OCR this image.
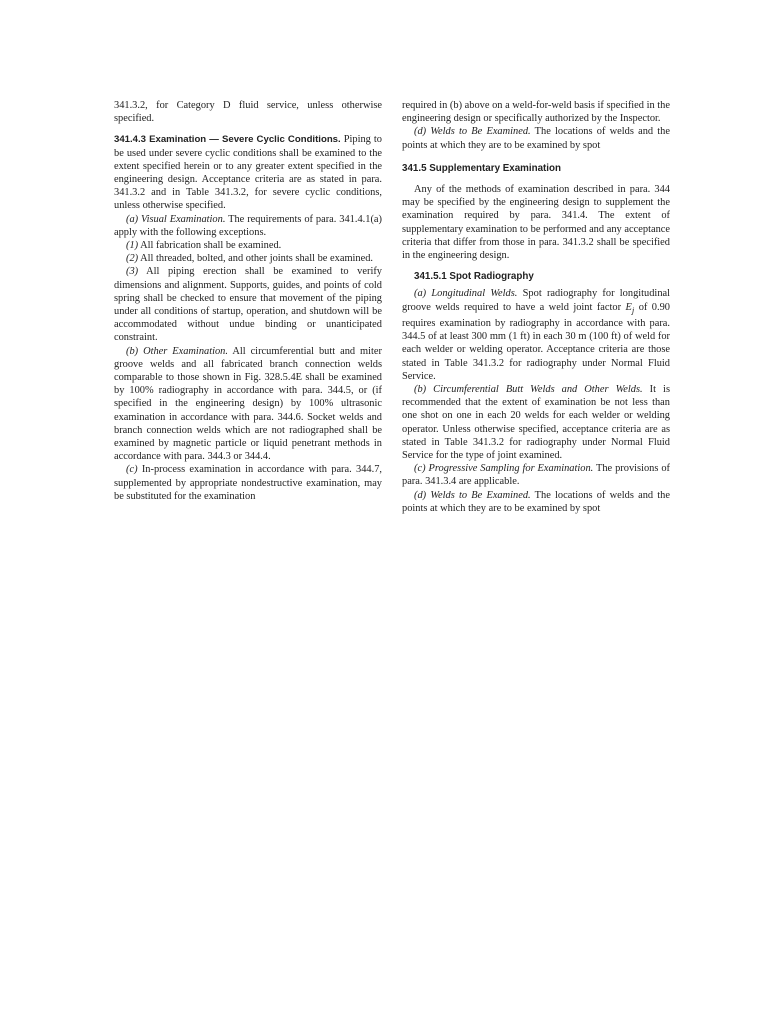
341.3.2, for Category D fluid service, unless otherwise specified.

341.4.3 Examination — Severe Cyclic Conditions. Piping to be used under severe cyclic conditions shall be examined to the extent specified herein or to any greater extent specified in the engineering design. Acceptance criteria are as stated in para. 341.3.2 and in Table 341.3.2, for severe cyclic conditions, unless otherwise specified.

(a) Visual Examination. The requirements of para. 341.4.1(a) apply with the following exceptions.

(1) All fabrication shall be examined.

(2) All threaded, bolted, and other joints shall be examined.

(3) All piping erection shall be examined to verify dimensions and alignment. Supports, guides, and points of cold spring shall be checked to ensure that movement of the piping under all conditions of startup, operation, and shutdown will be accommodated without undue binding or unanticipated constraint.

(b) Other Examination. All circumferential butt and miter groove welds and all fabricated branch connection welds comparable to those shown in Fig. 328.5.4E shall be examined by 100% radiography in accordance with para. 344.5, or (if specified in the engineering design) by 100% ultrasonic examination in accordance with para. 344.6. Socket welds and branch connection welds which are not radiographed shall be examined by magnetic particle or liquid penetrant methods in accordance with para. 344.3 or 344.4.

(c) In-process examination in accordance with para. 344.7, supplemented by appropriate nondestructive examination, may be substituted for the examination

required in (b) above on a weld-for-weld basis if specified in the engineering design or specifically authorized by the Inspector.

(d) Welds to Be Examined. The locations of welds and the points at which they are to be examined by spot

341.5 Supplementary Examination

Any of the methods of examination described in para. 344 may be specified by the engineering design to supplement the examination required by para. 341.4. The extent of supplementary examination to be performed and any acceptance criteria that differ from those in para. 341.3.2 shall be specified in the engineering design.

341.5.1 Spot Radiography

(a) Longitudinal Welds. Spot radiography for longitudinal groove welds required to have a weld joint factor $E_j$ of 0.90 requires examination by radiography in accordance with para. 344.5 of at least 300 mm (1 ft) in each 30 m (100 ft) of weld for each welder or welding operator. Acceptance criteria are those stated in Table 341.3.2 for radiography under Normal Fluid Service.

(b) Circumferential Butt Welds and Other Welds. It is recommended that the extent of examination be not less than one shot on one in each 20 welds for each welder or welding operator. Unless otherwise specified, acceptance criteria are as stated in Table 341.3.2 for radiography under Normal Fluid Service for the type of joint examined.

(c) Progressive Sampling for Examination. The provisions of para. 341.3.4 are applicable.

(d) Welds to Be Examined. The locations of welds and the points at which they are to be examined by spot
